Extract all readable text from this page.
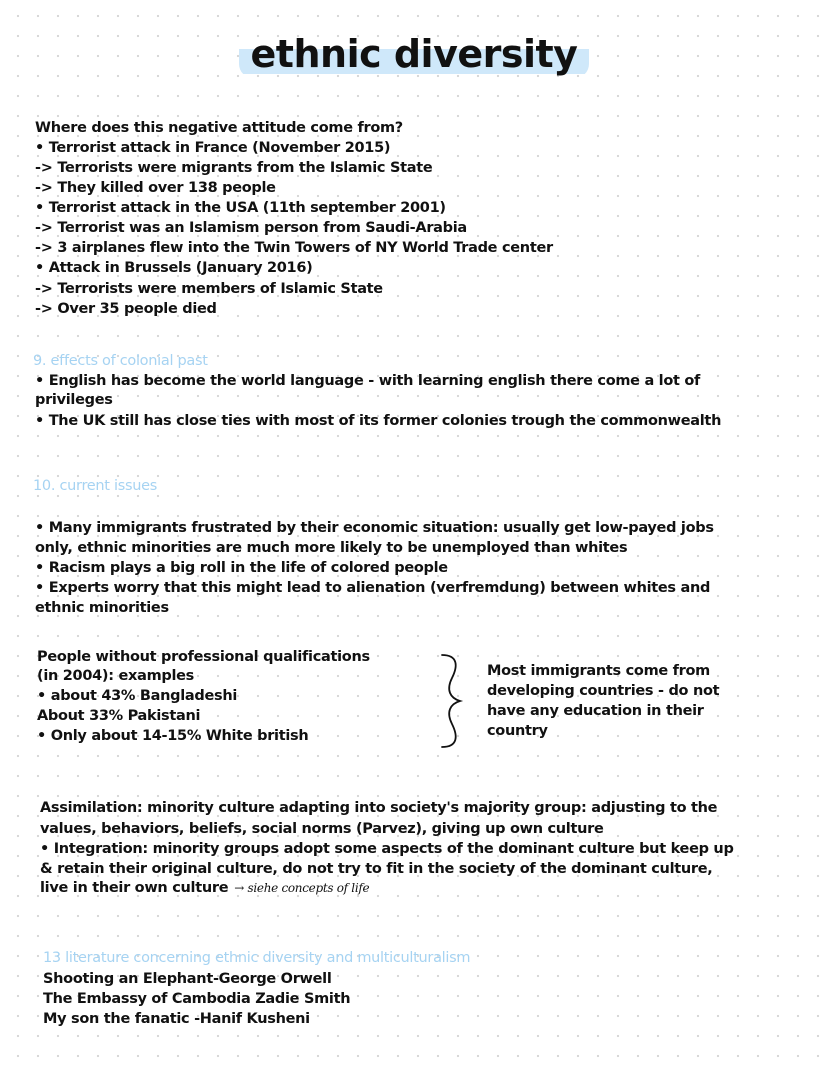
ethnic diversity
Where does this negative attitude come from?
• Terrorist attack in France (November 2015)
-> Terrorists were migrants from the Islamic State
-> They killed over 138 people
• Terrorist attack in the USA (11th september 2001)
-> Terrorist was an Islamism person from Saudi-Arabia
-> 3 airplanes flew into the Twin Towers of NY World Trade center
• Attack in Brussels (January 2016)
-> Terrorists were members of Islamic State
-> Over 35 people died
9. effects of colonial past
• English has become the world language - with learning english there come a lot of
privileges
• The UK still has close ties with most of its former colonies trough the commonwealth
10. current issues
• Many immigrants frustrated by their economic situation: usually get low-payed jobs
only, ethnic minorities are much more likely to be unemployed than whites
• Racism plays a big roll in the life of colored people
• Experts worry that this might lead to alienation (verfremdung) between whites and
ethnic minorities
People without professional qualifications
(in 2004): examples
• about 43% Bangladeshi
About 33% Pakistani
• Only about 14-15% White british
Most immigrants come from
developing countries - do not
have any education in their
country
Assimilation: minority culture adapting into society's majority group: adjusting to the
values, behaviors, beliefs, social norms (Parvez), giving up own culture
• Integration: minority groups adopt some aspects of the dominant culture but keep up
& retain their original culture, do not try to fit in the society of the dominant culture,
live in their own culture → siehe concepts of life
13 literature concerning ethnic diversity and multiculturalism
Shooting an Elephant-George Orwell
The Embassy of Cambodia Zadie Smith
My son the fanatic -Hanif Kusheni
